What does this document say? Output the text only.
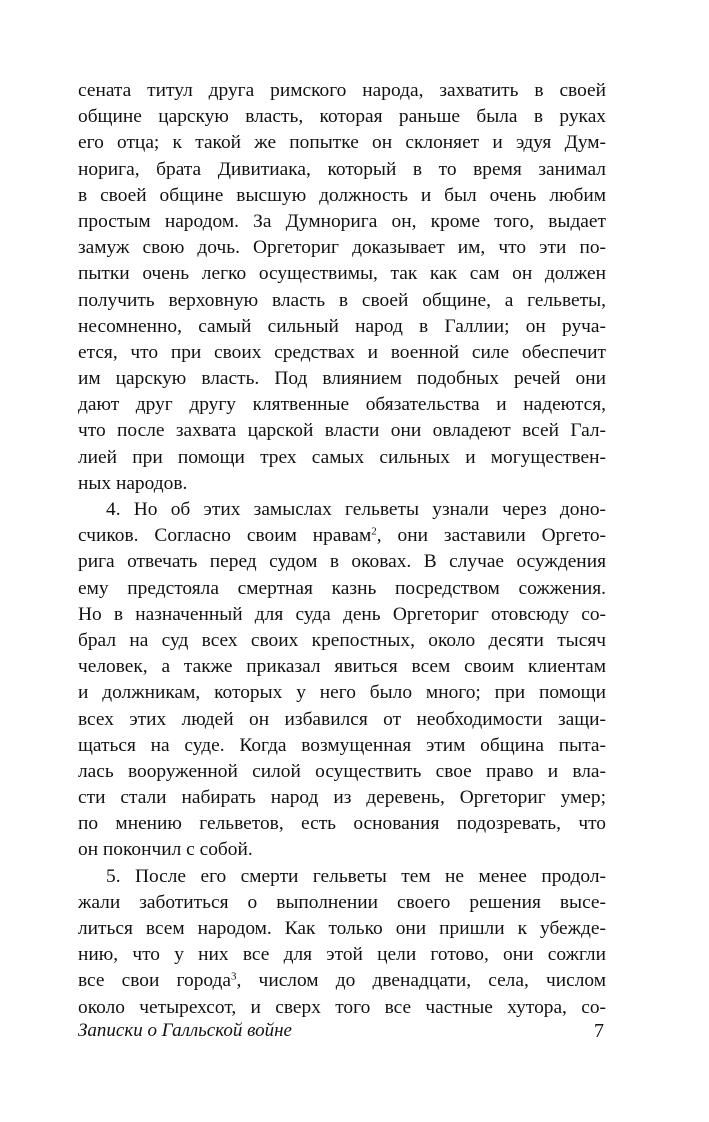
сената титул друга римского народа, захватить в своей
общине царскую власть, которая раньше была в руках
его отца; к такой же попытке он склоняет и эдуя Дум-
норига, брата Дивитиака, который в то время занимал
в своей общине высшую должность и был очень любим
простым народом. За Думнорига он, кроме того, выдает
замуж свою дочь. Оргеториг доказывает им, что эти по-
пытки очень легко осуществимы, так как сам он должен
получить верховную власть в своей общине, а гельветы,
несомненно, самый сильный народ в Галлии; он руча-
ется, что при своих средствах и военной силе обеспечит
им царскую власть. Под влиянием подобных речей они
дают друг другу клятвенные обязательства и надеются,
что после захвата царской власти они овладеют всей Гал-
лией при помощи трех самых сильных и могуществен-
ных народов.
4. Но об этих замыслах гельветы узнали через доно-
счиков. Согласно своим нравам$^2$, они заставили Оргето-
рига отвечать перед судом в оковах. В случае осуждения
ему предстояла смертная казнь посредством сожжения.
Но в назначенный для суда день Оргеториг отовсюду со-
брал на суд всех своих крепостных, около десяти тысяч
человек, а также приказал явиться всем своим клиентам
и должникам, которых у него было много; при помощи
всех этих людей он избавился от необходимости защи-
щаться на суде. Когда возмущенная этим община пыта-
лась вооруженной силой осуществить свое право и вла-
сти стали набирать народ из деревень, Оргеториг умер;
по мнению гельветов, есть основания подозревать, что
он покончил с собой.
5. После его смерти гельветы тем не менее продол-
жали заботиться о выполнении своего решения высе-
литься всем народом. Как только они пришли к убежде-
нию, что у них все для этой цели готово, они сожгли
все свои города$^3$, числом до двенадцати, села, числом
около четырехсот, и сверх того все частные хутора, со-
Записки о Галльской войне	7
